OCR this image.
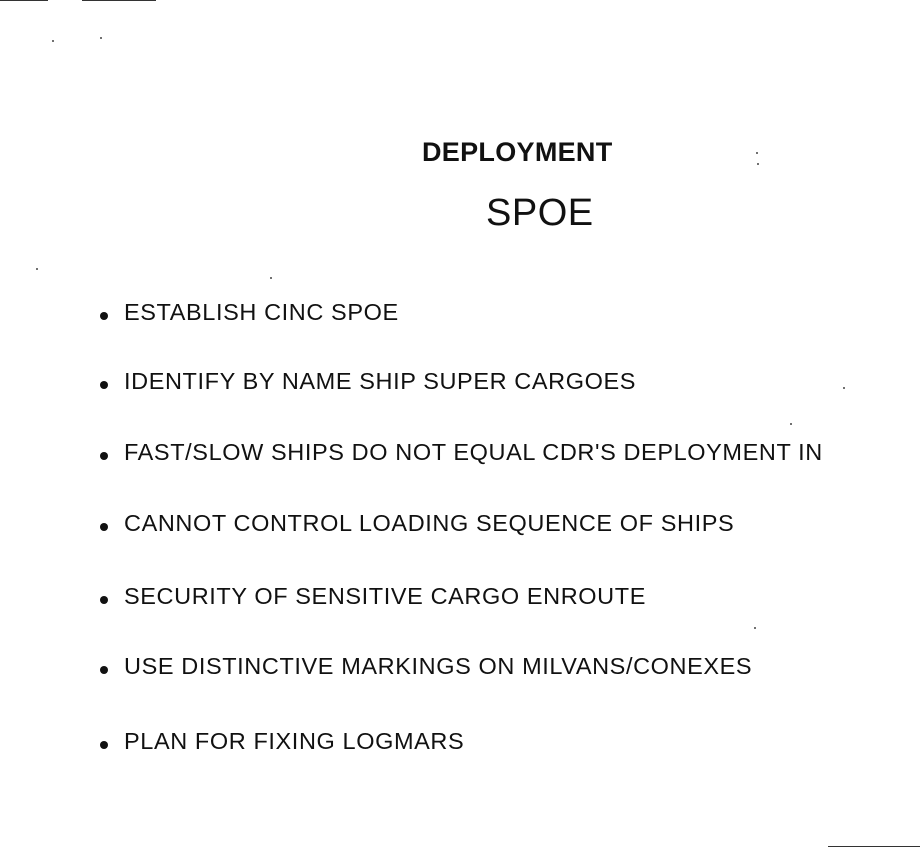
DEPLOYMENT
SPOE
ESTABLISH CINC SPOE
IDENTIFY BY NAME SHIP SUPER CARGOES
FAST/SLOW SHIPS DO NOT EQUAL CDR'S DEPLOYMENT IN
CANNOT CONTROL LOADING SEQUENCE OF SHIPS
SECURITY OF SENSITIVE CARGO ENROUTE
USE DISTINCTIVE MARKINGS ON MILVANS/CONEXES
PLAN FOR FIXING LOGMARS
